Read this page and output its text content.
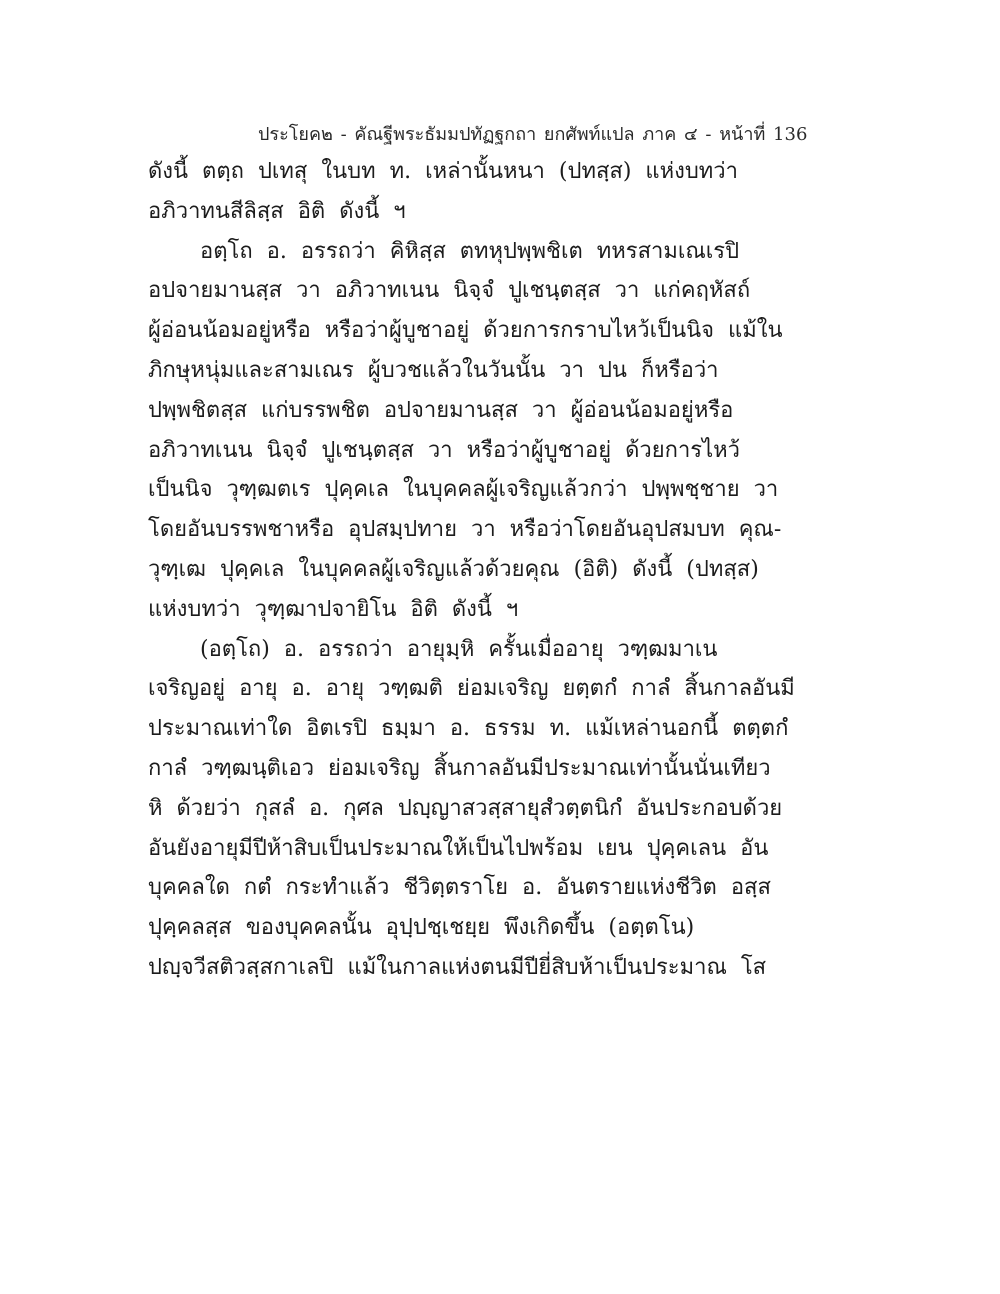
ประโยค๒ - คัณฐีพระธัมมปทัฏฐกถา ยกศัพท์แปล ภาค ๔ - หน้าที่ 136
ดังนี้ ตตฺถ ปเทสุ ในบท ท. เหล่านั้นหนา (ปทสฺส) แห่งบทว่า
อภิวาทนสีลิสฺส อิติ ดังนี้ ฯ
อตฺโถ อ. อรรถว่า คิหิสฺส ตทหุปพฺพชิเต ทหรสามเณเรปิ
อปจายมานสฺส วา อภิวาทเนน นิจฺจํ ปูเชนฺตสฺส วา แก่คฤหัสถ์
ผู้อ่อนน้อมอยู่หรือ หรือว่าผู้บูชาอยู่ ด้วยการกราบไหว้เป็นนิจ แม้ใน
ภิกษุหนุ่มและสามเณร ผู้บวชแล้วในวันนั้น วา ปน ก็หรือว่า
ปพฺพชิตสฺส แก่บรรพชิต อปจายมานสฺส วา ผู้อ่อนน้อมอยู่หรือ
อภิวาทเนน นิจฺจํ ปูเชนฺตสฺส วา หรือว่าผู้บูชาอยู่ ด้วยการไหว้
เป็นนิจ วุฑฺฒตเร ปุคฺคเล ในบุคคลผู้เจริญแล้วกว่า ปพฺพชฺชาย วา
โดยอันบรรพชาหรือ อุปสมฺปทาย วา หรือว่าโดยอันอุปสมบท คุณ-
วุฑฺเฒ ปุคฺคเล ในบุคคลผู้เจริญแล้วด้วยคุณ (อิติ) ดังนี้ (ปทสฺส)
แห่งบทว่า วุฑฺฒาปจายิโน อิติ ดังนี้ ฯ
(อตฺโถ) อ. อรรถว่า อายุมฺหิ ครั้นเมื่ออายุ วฑฺฒมาเน
เจริญอยู่ อายุ อ. อายุ วฑฺฒติ ย่อมเจริญ ยตฺตกํ กาลํ สิ้นกาลอันมี
ประมาณเท่าใด อิตเรปิ ธมฺมา อ. ธรรม ท. แม้เหล่านอกนี้ ตตฺตกํ
กาลํ วฑฺฒนฺติเอว ย่อมเจริญ สิ้นกาลอันมีประมาณเท่านั้นนั่นเทียว
หิ ด้วยว่า กุสลํ อ. กุศล ปญฺญาสวสฺสายุสํวตฺตนิกํ อันประกอบด้วย
อันยังอายุมีปีห้าสิบเป็นประมาณให้เป็นไปพร้อม เยน ปุคฺคเลน อัน
บุคคลใด กตํ กระทำแล้ว ชีวิตฺตราโย อ. อันตรายแห่งชีวิต อสฺส
ปุคฺคลสฺส ของบุคคลนั้น อุปฺปชฺเชยฺย พึงเกิดขึ้น (อตฺตโน)
ปญฺจวีสติวสฺสกาเลปิ แม้ในกาลแห่งตนมีปียี่สิบห้าเป็นประมาณ โส
